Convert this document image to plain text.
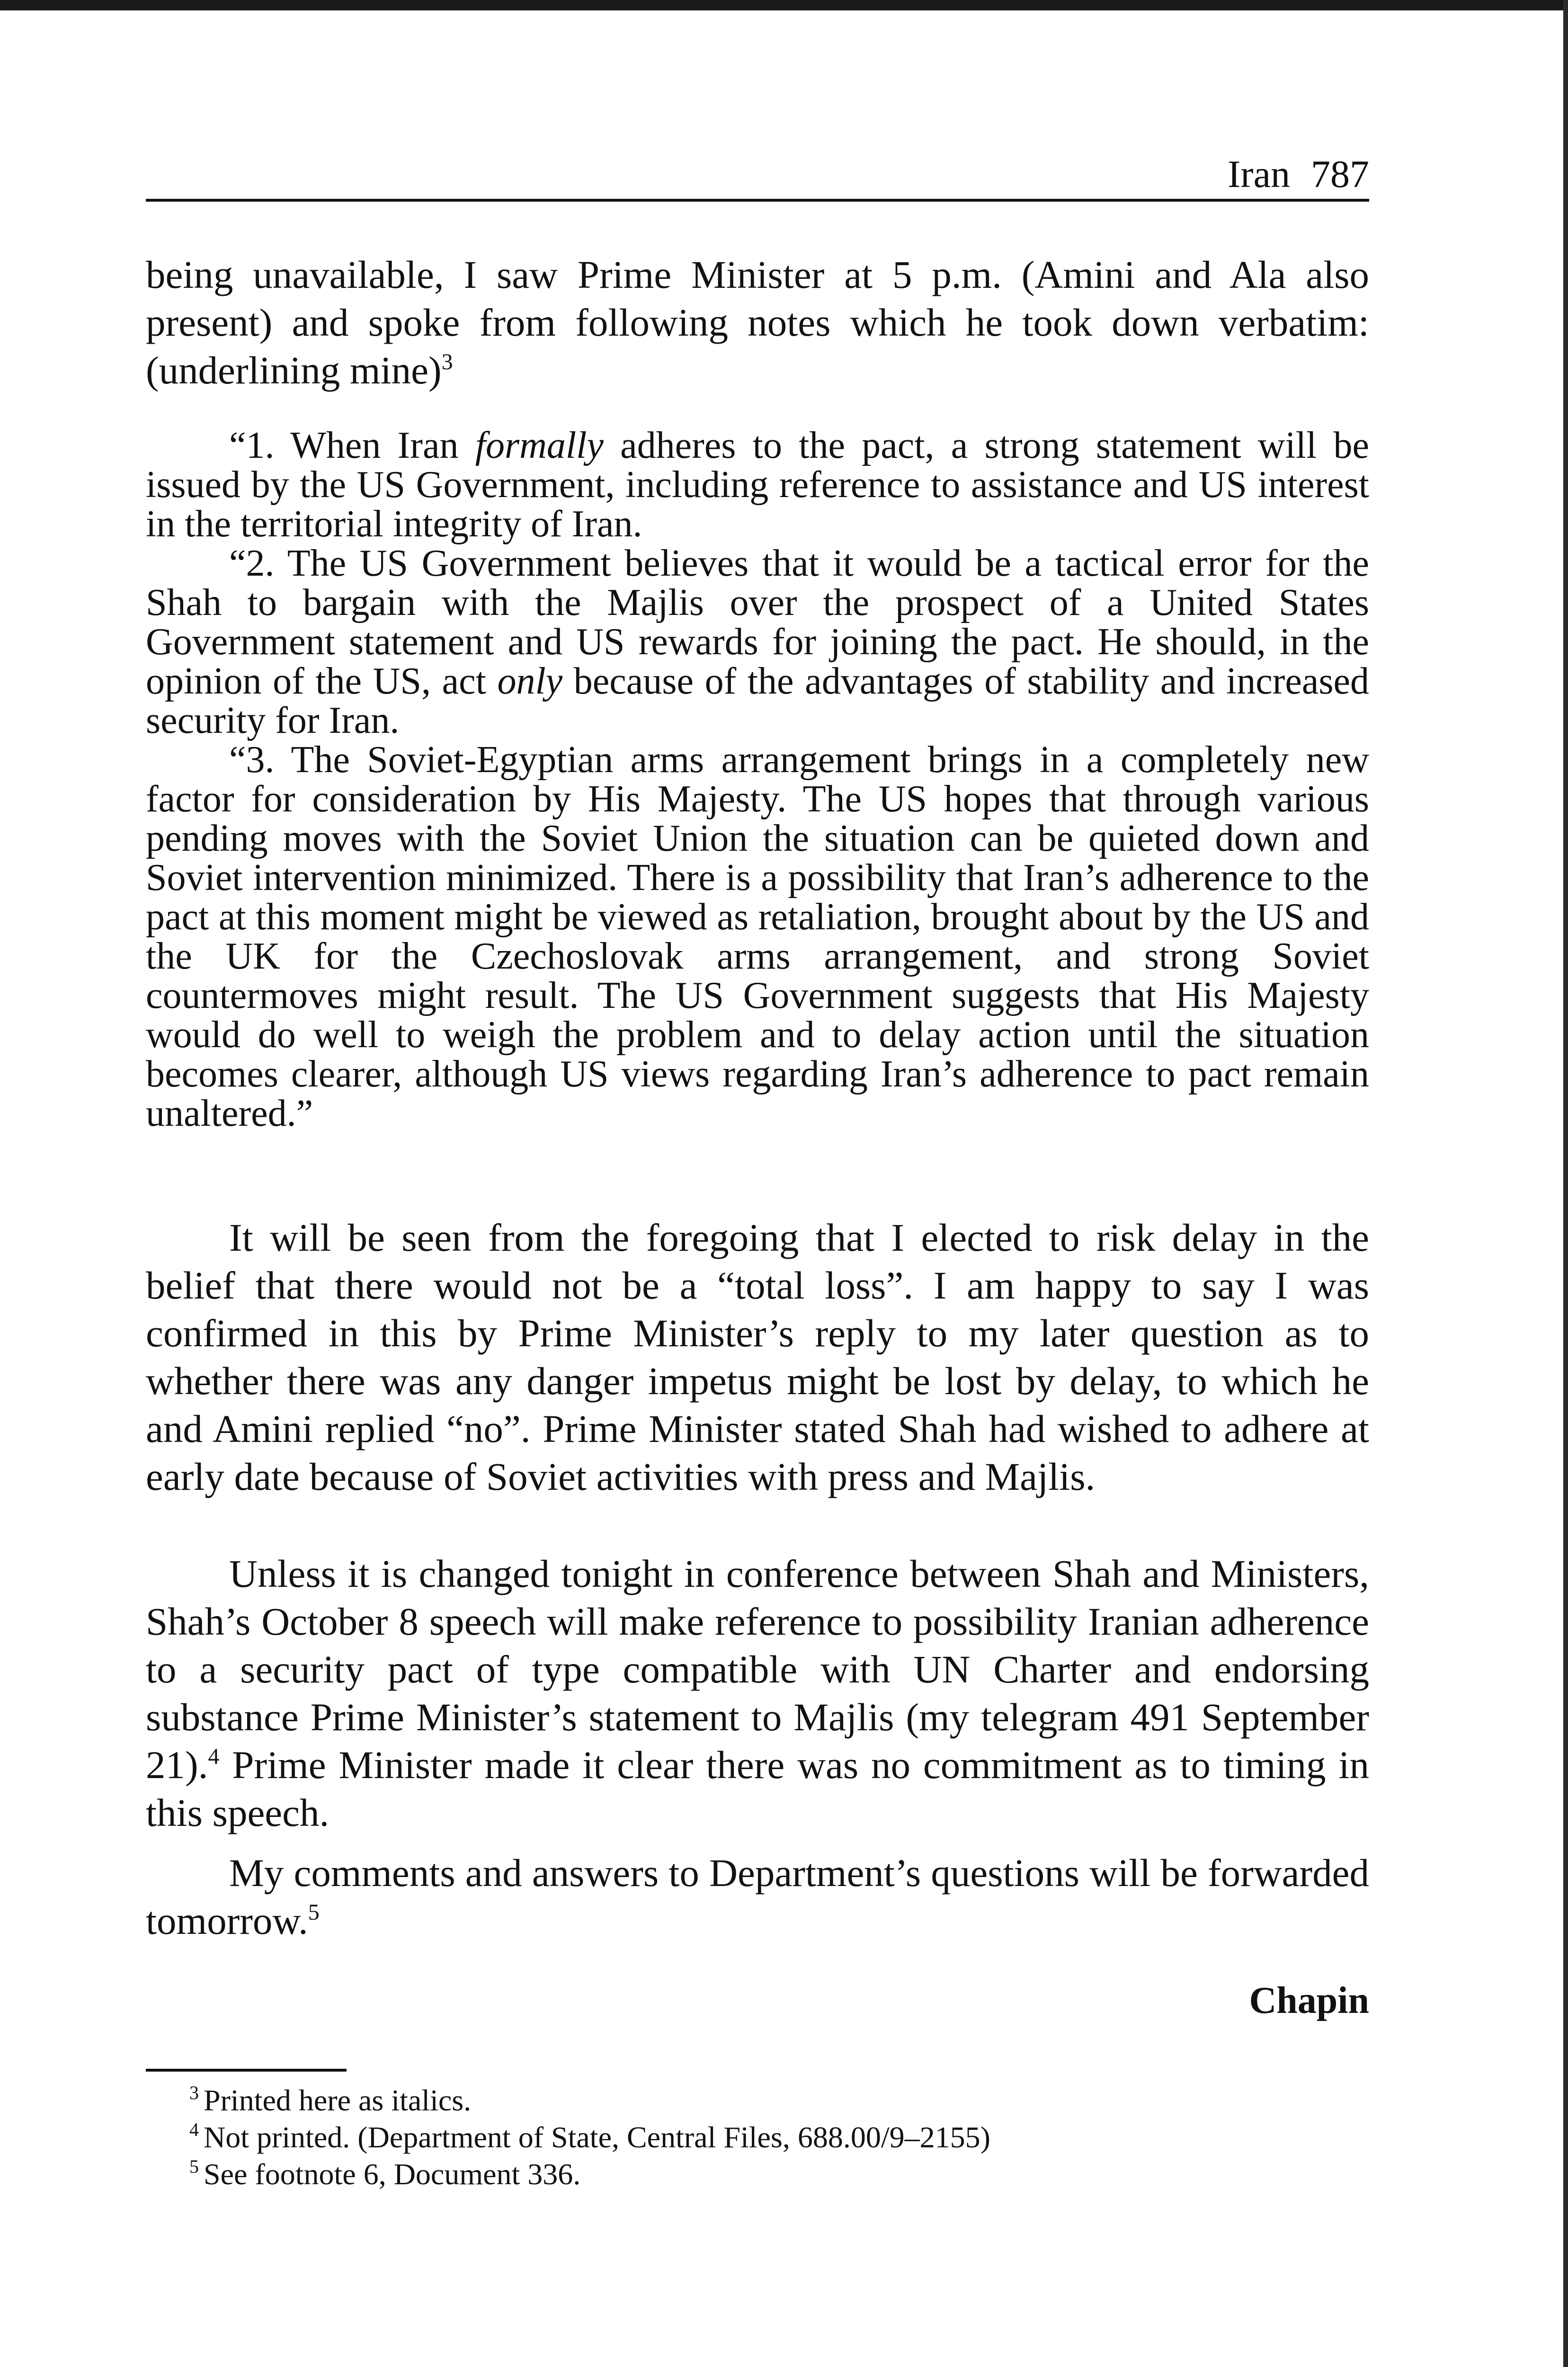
Iran 787

being unavailable, I saw Prime Minister at 5 p.m. (Amini and Ala also present) and spoke from following notes which he took down verbatim: (underlining mine)$^3$

“1. When Iran formally adheres to the pact, a strong statement will be issued by the US Government, including reference to assistance and US interest in the territorial integrity of Iran.

“2. The US Government believes that it would be a tactical error for the Shah to bargain with the Majlis over the prospect of a United States Government statement and US rewards for joining the pact. He should, in the opinion of the US, act only because of the advantages of stability and increased security for Iran.

“3. The Soviet-Egyptian arms arrangement brings in a completely new factor for consideration by His Majesty. The US hopes that through various pending moves with the Soviet Union the situation can be quieted down and Soviet intervention minimized. There is a possibility that Iran’s adherence to the pact at this moment might be viewed as retaliation, brought about by the US and the UK for the Czechoslovak arms arrangement, and strong Soviet countermoves might result. The US Government suggests that His Majesty would do well to weigh the problem and to delay action until the situation becomes clearer, although US views regarding Iran’s adherence to pact remain unaltered.”

It will be seen from the foregoing that I elected to risk delay in the belief that there would not be a “total loss”. I am happy to say I was confirmed in this by Prime Minister’s reply to my later question as to whether there was any danger impetus might be lost by delay, to which he and Amini replied “no”. Prime Minister stated Shah had wished to adhere at early date because of Soviet activities with press and Majlis.

Unless it is changed tonight in conference between Shah and Ministers, Shah’s October 8 speech will make reference to possibility Iranian adherence to a security pact of type compatible with UN Charter and endorsing substance Prime Minister’s statement to Majlis (my telegram 491 September 21).$^4$ Prime Minister made it clear there was no commitment as to timing in this speech.

My comments and answers to Department’s questions will be forwarded tomorrow.$^5$

Chapin
$^3$ Printed here as italics.
$^4$ Not printed. (Department of State, Central Files, 688.00/9–2155)
$^5$ See footnote 6, Document 336.
